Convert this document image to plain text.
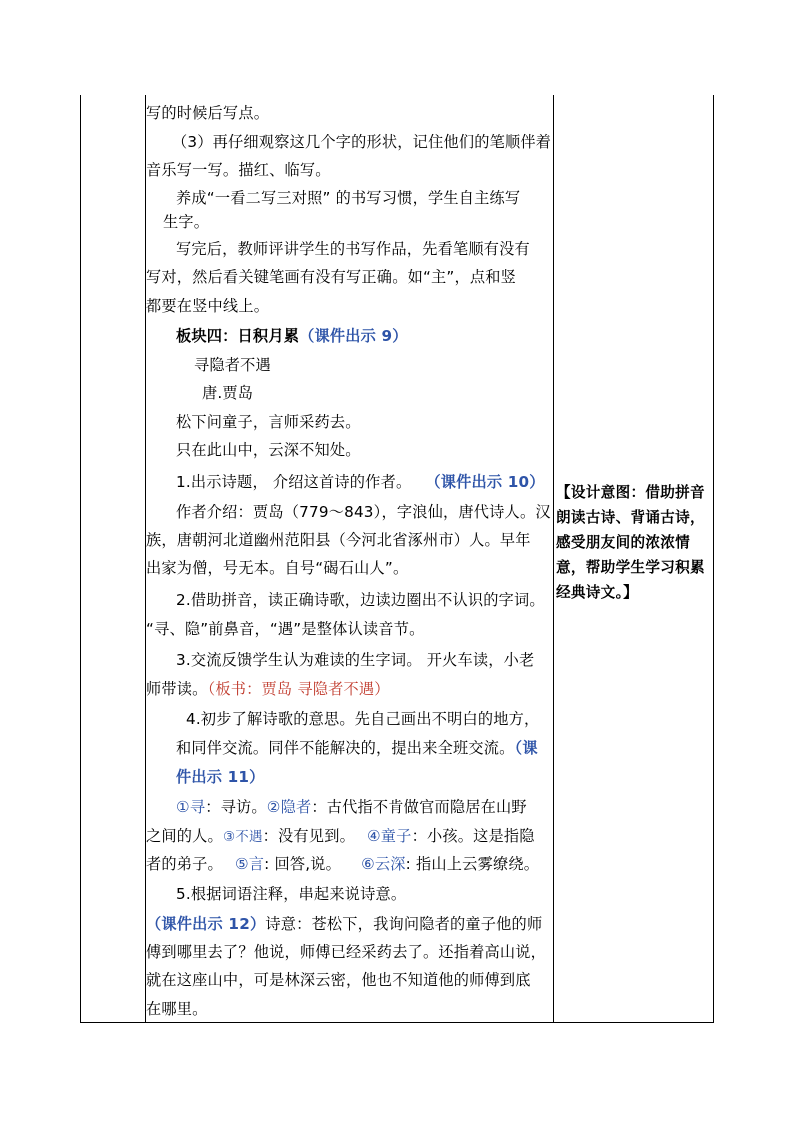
写的时候后写点。
（3）再仔细观察这几个字的形状，记住他们的笔顺伴着
音乐写一写。描红、临写。
养成“一看二写三对照” 的书写习惯，学生自主练写
生字。
写完后，教师评讲学生的书写作品，先看笔顺有没有
写对，然后看关键笔画有没有写正确。如“主”，点和竖
都要在竖中线上。
板块四：日积月累（课件出示 9）
寻隐者不遇
唐.贾岛
松下问童子，言师采药去。
只在此山中，云深不知处。
1.出示诗题， 介绍这首诗的作者。 （课件出示 10）
作者介绍：贾岛（779～843），字浪仙，唐代诗人。汉
族，唐朝河北道幽州范阳县（今河北省涿州市）人。早年
出家为僧，号无本。自号“碣石山人”。
2.借助拼音，读正确诗歌，边读边圈出不认识的字词。
“寻、隐”前鼻音，“遇”是整体认读音节。
3.交流反馈学生认为难读的生字词。 开火车读，小老
师带读。（板书：贾岛 寻隐者不遇）
4.初步了解诗歌的意思。先自己画出不明白的地方，
和同伴交流。同伴不能解决的，提出来全班交流。（课
件出示 11）
①寻：寻访。②隐者：古代指不肯做官而隐居在山野
之间的人。③不遇：没有见到。 ④童子：小孩。这是指隐
者的弟子。 ⑤言: 回答,说。 ⑥云深: 指山上云雾缭绕。
5.根据词语注释，串起来说诗意。
（课件出示 12）诗意：苍松下，我询问隐者的童子他的师
傅到哪里去了？他说，师傅已经采药去了。还指着高山说，
就在这座山中，可是林深云密，他也不知道他的师傅到底
在哪里。
【设计意图：借助拼音
朗读古诗、背诵古诗，
感受朋友间的浓浓情
意，帮助学生学习积累
经典诗文。】
